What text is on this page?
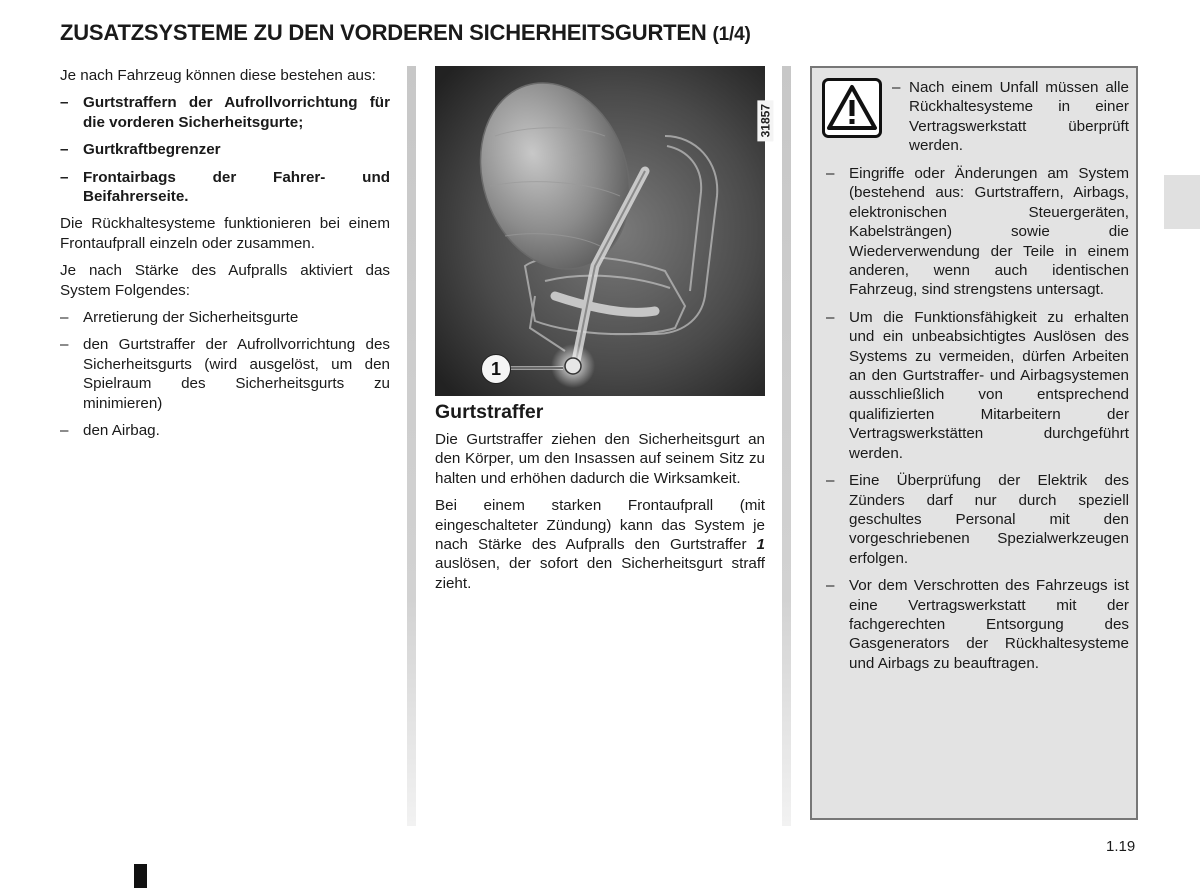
ZUSATZSYSTEME ZU DEN VORDEREN SICHERHEITSGURTEN (1/4)

Je nach Fahrzeug können diese bestehen aus:

– Gurtstraffern der Aufrollvorrichtung für die vorderen Sicherheitsgurte;
– Gurtkraftbegrenzer
– Frontairbags der Fahrer- und Beifahrerseite.

Die Rückhaltesysteme funktionieren bei einem Frontaufprall einzeln oder zusammen.

Je nach Stärke des Aufpralls aktiviert das System Folgendes:

– Arretierung der Sicherheitsgurte
– den Gurtstraffer der Aufrollvorrichtung des Sicherheitsgurts (wird ausgelöst, um den Spielraum des Sicherheitsgurts zu minimieren)
– den Airbag.
31857
1
Gurtstraffer

Die Gurtstraffer ziehen den Sicherheitsgurt an den Körper, um den Insassen auf seinem Sitz zu halten und erhöhen dadurch die Wirksamkeit.

Bei einem starken Frontaufprall (mit eingeschalteter Zündung) kann das System je nach Stärke des Aufpralls den Gurtstraffer 1 auslösen, der sofort den Sicherheitsgurt straff zieht.

– Nach einem Unfall müssen alle Rückhaltesysteme in einer Vertragswerkstatt überprüft werden.
– Eingriffe oder Änderungen am System (bestehend aus: Gurtstraffern, Airbags, elektronischen Steuergeräten, Kabelsträngen) sowie die Wiederverwendung der Teile in einem anderen, wenn auch identischen Fahrzeug, sind strengstens untersagt.
– Um die Funktionsfähigkeit zu erhalten und ein unbeabsichtigtes Auslösen des Systems zu vermeiden, dürfen Arbeiten an den Gurtstraffer- und Airbagsystemen ausschließlich von entsprechend qualifizierten Mitarbeitern der Vertragswerkstätten durchgeführt werden.
– Eine Überprüfung der Elektrik des Zünders darf nur durch speziell geschultes Personal mit den vorgeschriebenen Spezialwerkzeugen erfolgen.
– Vor dem Verschrotten des Fahrzeugs ist eine Vertragswerkstatt mit der fachgerechten Entsorgung des Gasgenerators der Rückhaltesysteme und Airbags zu beauftragen.
1.19
